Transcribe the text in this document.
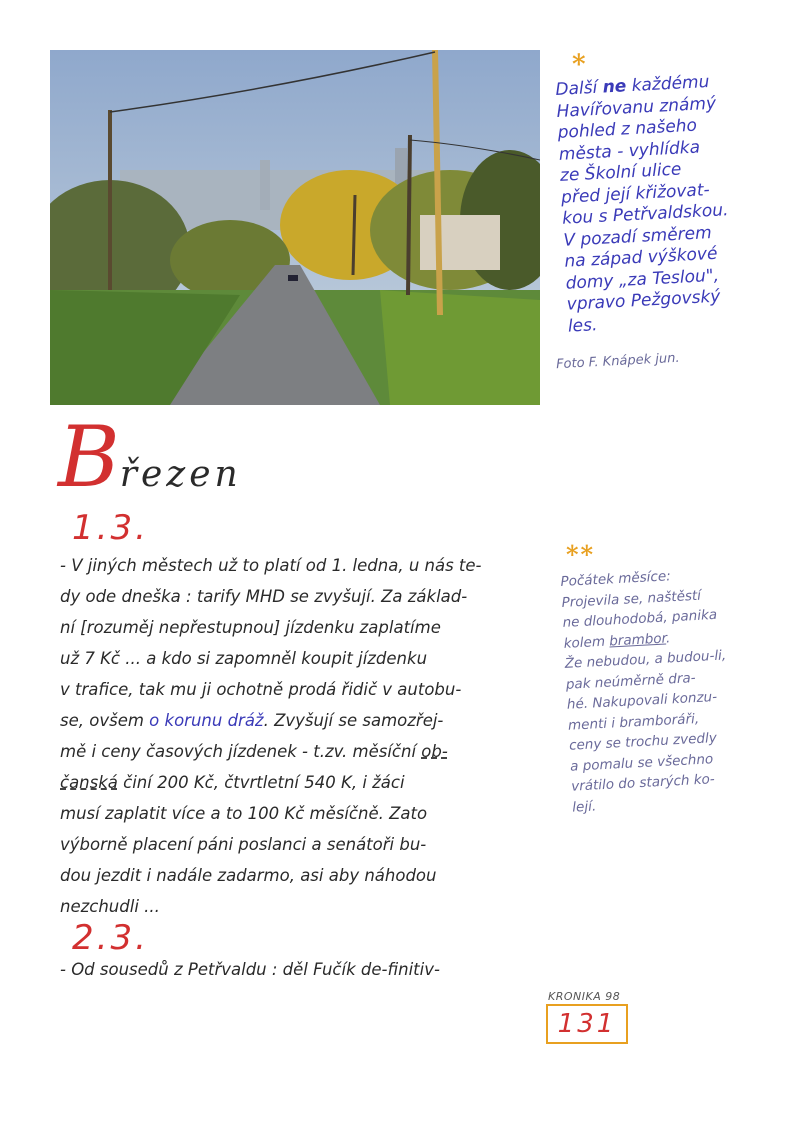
*
Další ne každému
Havířovanu známý
pohled z našeho
města - vyhlídka
ze Školní ulice
před její křižovat-
kou s Petřvaldskou.
V pozadí směrem
na západ výškové
domy „za Teslou",
vpravo Pežgovský
les.
Foto F. Knápek jun.
Březen
1.3.
- V jiných městech už to platí od 1. ledna, u nás te-
dy ode dneška : tarify MHD se zvyšují. Za základ-
ní [rozuměj nepřestupnou] jízdenku zaplatíme
už 7 Kč ... a kdo si zapomněl koupit jízdenku
v trafice, tak mu ji ochotně prodá řidič v autobu-
se, ovšem o korunu dráž. Zvyšují se samozřej-
mě i ceny časových jízdenek - t.zv. měsíční ob-
čanská činí 200 Kč, čtvrtletní 540 K, i žáci
musí zaplatit více a to 100 Kč měsíčně. Zato
výborně placení páni poslanci a senátoři bu-
dou jezdit i nadále zadarmo, asi aby náhodou
nezchudli ...
2.3.
- Od sousedů z Petřvaldu : děl Fučík de-finitiv-
**
Počátek měsíce:
Projevila se, naštěstí
ne dlouhodobá, panika
kolem brambor.
Že nebudou, a budou-li,
pak neúměrně dra-
hé. Nakupovali konzu-
menti i bramboráři,
ceny se trochu zvedly
a pomalu se všechno
vrátilo do starých ko-
lejí.
KRONIKA 98
131
